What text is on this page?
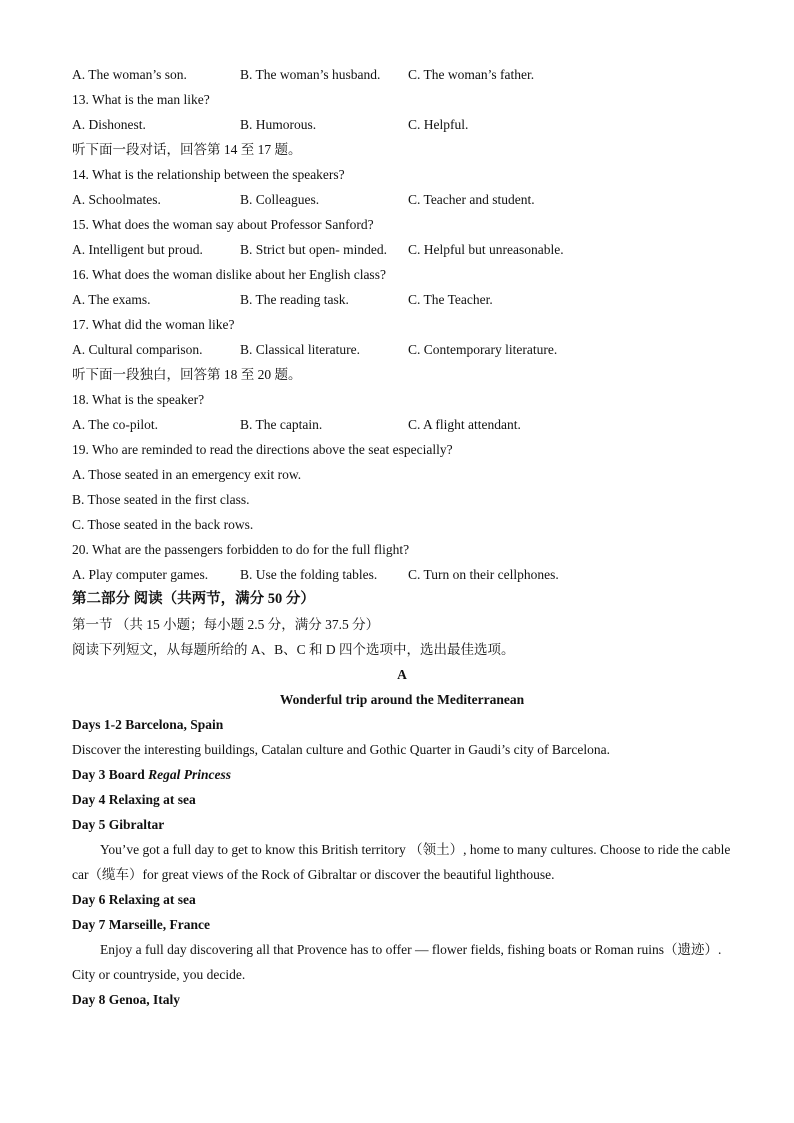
A. The woman’s son.	B. The woman’s husband.	C. The woman’s father.
13. What is the man like?
A. Dishonest.	B. Humorous.	C. Helpful.
听下面一段对话，回答第 14 至 17 题。
14. What is the relationship between the speakers?
A. Schoolmates.	B. Colleagues.	C. Teacher and student.
15. What does the woman say about Professor Sanford?
A. Intelligent but proud.	B. Strict but open- minded.	C. Helpful but unreasonable.
16. What does the woman dislike about her English class?
A. The exams.	B. The reading task.	C. The Teacher.
17. What did the woman like?
A. Cultural comparison.	B. Classical literature.	C. Contemporary literature.
听下面一段独白，回答第 18 至 20 题。
18. What is the speaker?
A. The co-pilot.	B. The captain.	C. A flight attendant.
19. Who are reminded to read the directions above the seat especially?
A. Those seated in an emergency exit row.
B. Those seated in the first class.
C. Those seated in the back rows.
20. What are the passengers forbidden to do for the full flight?
A. Play computer games.	B. Use the folding tables.	C. Turn on their cellphones.
第二部分 阅读（共两节，满分 50 分）
第一节 （共 15 小题；每小题 2.5 分，满分 37.5 分）
阅读下列短文，从每题所给的 A、B、C 和 D 四个选项中，选出最佳选项。
A
Wonderful trip around the Mediterranean
Days 1-2 Barcelona, Spain
Discover the interesting buildings, Catalan culture and Gothic Quarter in Gaudi’s city of Barcelona.
Day 3 Board Regal Princess
Day 4 Relaxing at sea
Day 5 Gibraltar
You’ve got a full day to get to know this British territory （领土）, home to many cultures. Choose to ride the cable car（缆车）for great views of the Rock of Gibraltar or discover the beautiful lighthouse.
Day 6 Relaxing at sea
Day 7 Marseille, France
Enjoy a full day discovering all that Provence has to offer — flower fields, fishing boats or Roman ruins（遗迹）. City or countryside, you decide.
Day 8 Genoa, Italy
